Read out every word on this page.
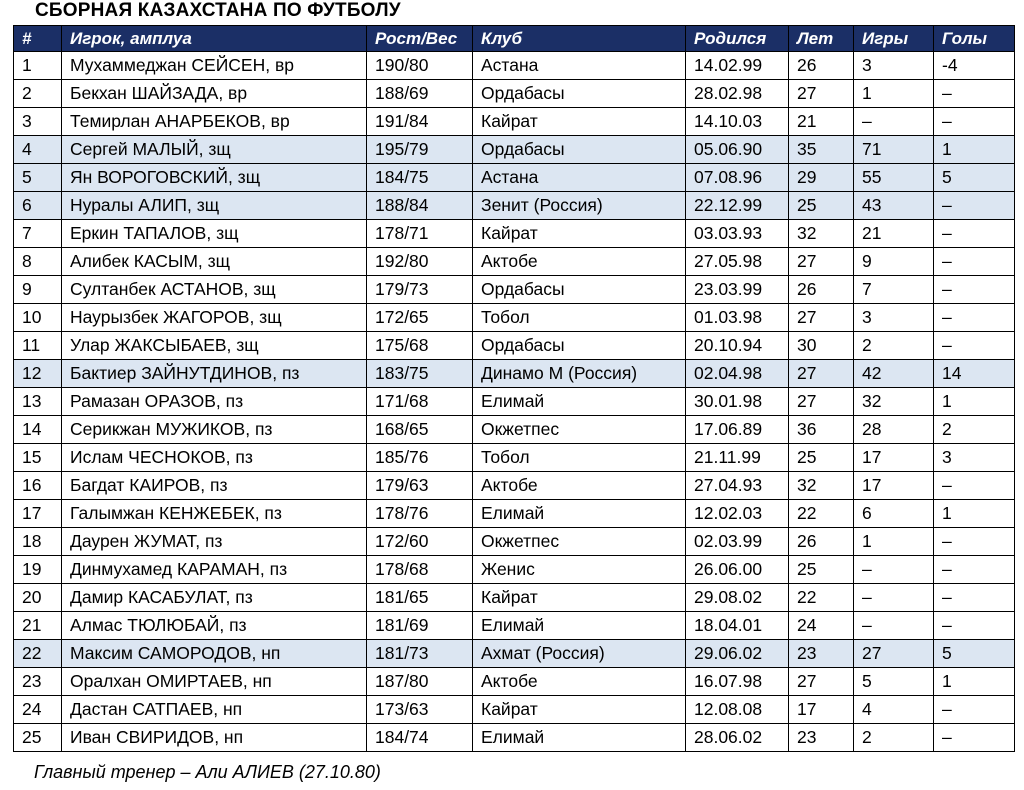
СБОРНАЯ КАЗАХСТАНА ПО ФУТБОЛУ
#	Игрок, амплуа	Рост/Вес	Клуб	Родился	Лет	Игры	Голы
1	Мухаммеджан СЕЙСЕН, вр	190/80	Астана	14.02.99	26	3	-4
2	Бекхан ШАЙЗАДА, вр	188/69	Ордабасы	28.02.98	27	1	–
3	Темирлан АНАРБЕКОВ, вр	191/84	Кайрат	14.10.03	21	–	–
4	Сергей МАЛЫЙ, зщ	195/79	Ордабасы	05.06.90	35	71	1
5	Ян ВОРОГОВСКИЙ, зщ	184/75	Астана	07.08.96	29	55	5
6	Нуралы АЛИП, зщ	188/84	Зенит (Россия)	22.12.99	25	43	–
7	Еркин ТАПАЛОВ, зщ	178/71	Кайрат	03.03.93	32	21	–
8	Алибек КАСЫМ, зщ	192/80	Актобе	27.05.98	27	9	–
9	Султанбек АСТАНОВ, зщ	179/73	Ордабасы	23.03.99	26	7	–
10	Наурызбек ЖАГОРОВ, зщ	172/65	Тобол	01.03.98	27	3	–
11	Улар ЖАКСЫБАЕВ, зщ	175/68	Ордабасы	20.10.94	30	2	–
12	Бактиер ЗАЙНУТДИНОВ, пз	183/75	Динамо М (Россия)	02.04.98	27	42	14
13	Рамазан ОРАЗОВ, пз	171/68	Елимай	30.01.98	27	32	1
14	Серикжан МУЖИКОВ, пз	168/65	Окжетпес	17.06.89	36	28	2
15	Ислам ЧЕСНОКОВ, пз	185/76	Тобол	21.11.99	25	17	3
16	Багдат КАИРОВ, пз	179/63	Актобе	27.04.93	32	17	–
17	Галымжан КЕНЖЕБЕК, пз	178/76	Елимай	12.02.03	22	6	1
18	Даурен ЖУМАТ, пз	172/60	Окжетпес	02.03.99	26	1	–
19	Динмухамед КАРАМАН, пз	178/68	Женис	26.06.00	25	–	–
20	Дамир КАСАБУЛАТ, пз	181/65	Кайрат	29.08.02	22	–	–
21	Алмас ТЮЛЮБАЙ, пз	181/69	Елимай	18.04.01	24	–	–
22	Максим САМОРОДОВ, нп	181/73	Ахмат (Россия)	29.06.02	23	27	5
23	Оралхан ОМИРТАЕВ, нп	187/80	Актобе	16.07.98	27	5	1
24	Дастан САТПАЕВ, нп	173/63	Кайрат	12.08.08	17	4	–
25	Иван СВИРИДОВ, нп	184/74	Елимай	28.06.02	23	2	–
Главный тренер – Али АЛИЕВ (27.10.80)
